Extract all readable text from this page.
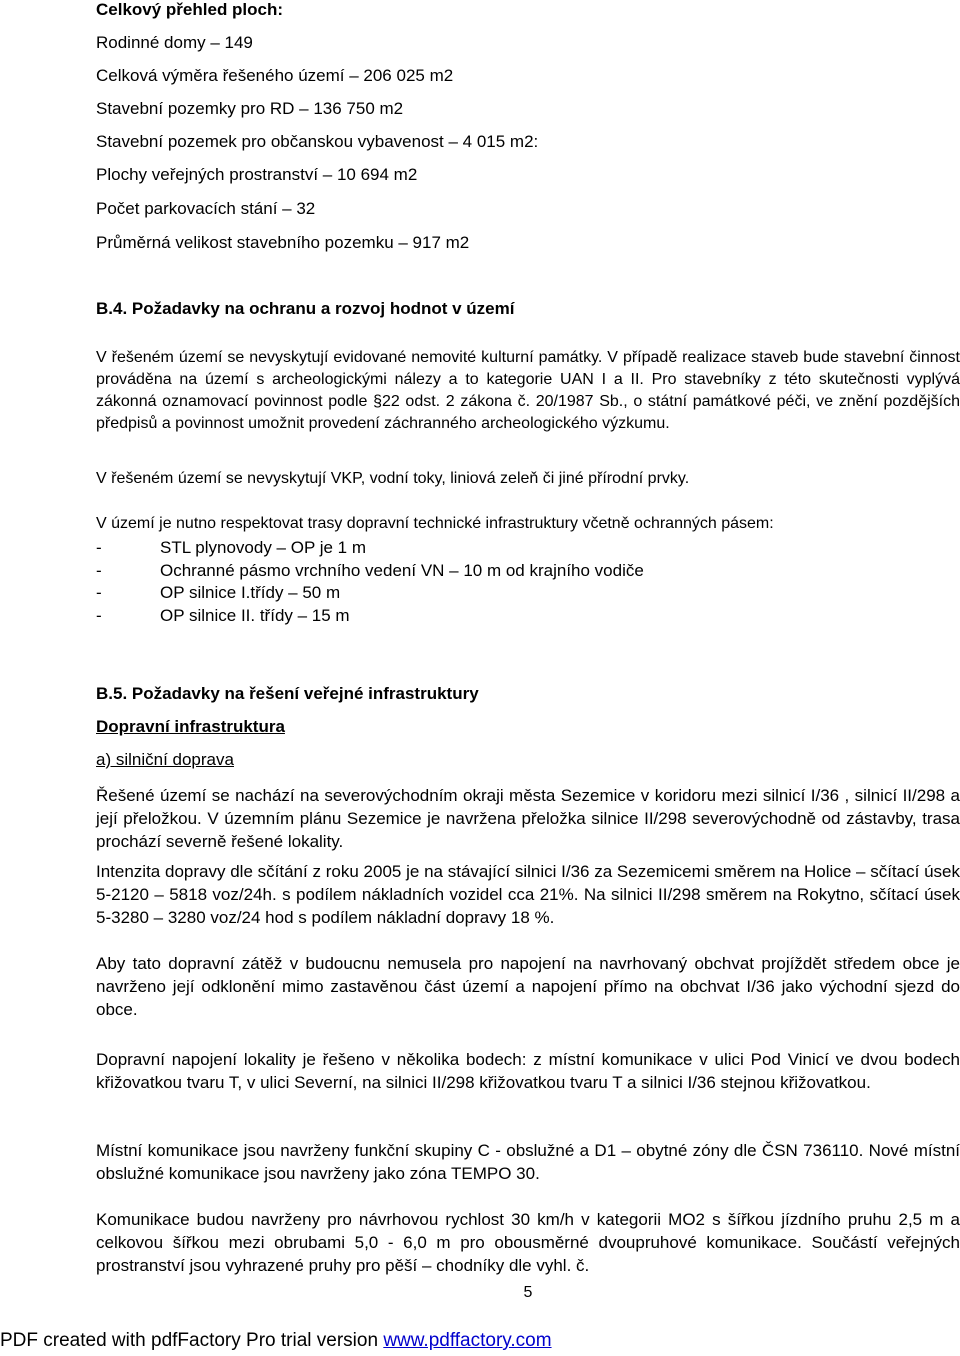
Celkový přehled ploch:
Rodinné domy – 149
Celková výměra řešeného území – 206 025 m2
Stavební pozemky pro RD – 136 750 m2
Stavební pozemek pro občanskou vybavenost – 4 015 m2:
Plochy veřejných prostranství – 10 694 m2
Počet parkovacích stání – 32
Průměrná velikost stavebního pozemku – 917 m2
B.4. Požadavky na ochranu a rozvoj hodnot v území

V řešeném území se nevyskytují evidované nemovité kulturní památky. V případě realizace staveb bude stavební činnost prováděna na území s archeologickými nálezy a to kategorie UAN I a II. Pro stavebníky z této skutečnosti vyplývá zákonná oznamovací povinnost podle §22 odst. 2 zákona č. 20/1987 Sb., o státní památkové péči, ve znění pozdějších předpisů a povinnost umožnit provedení záchranného archeologického výzkumu.

V řešeném území se nevyskytují VKP, vodní toky, liniová zeleň či jiné přírodní prvky.

V území je nutno respektovat trasy dopravní technické infrastruktury včetně ochranných pásem:

-	STL plynovody – OP je 1 m
-	Ochranné pásmo vrchního vedení VN – 10 m od krajního vodiče
-	OP silnice I.třídy – 50 m
-	OP silnice II. třídy – 15 m
B.5. Požadavky na řešení veřejné infrastruktury
Dopravní infrastruktura
a) silniční doprava

Řešené území se nachází na severovýchodním okraji města Sezemice v koridoru mezi silnicí I/36 , silnicí II/298 a její přeložkou. V územním plánu Sezemice je navržena přeložka silnice II/298 severovýchodně od zástavby, trasa prochází severně řešené lokality.

Intenzita dopravy dle sčítání z roku 2005 je na stávající silnici I/36 za Sezemicemi směrem na Holice – sčítací úsek 5-2120 – 5818 voz/24h. s podílem nákladních vozidel cca 21%. Na silnici II/298 směrem na Rokytno, sčítací úsek 5-3280 – 3280 voz/24 hod s podílem nákladní dopravy 18 %.

Aby tato dopravní zátěž v budoucnu nemusela pro napojení na navrhovaný obchvat projíždět středem obce je navrženo její odklonění mimo zastavěnou část území a napojení přímo na obchvat I/36 jako východní sjezd do obce.

Dopravní napojení lokality je řešeno v několika bodech: z místní komunikace v ulici Pod Vinicí ve dvou bodech křižovatkou tvaru T, v ulici Severní, na silnici II/298 křižovatkou tvaru T a silnici I/36 stejnou křižovatkou.

Místní komunikace jsou navrženy funkční skupiny C - obslužné a D1 – obytné zóny dle ČSN 736110. Nové místní obslužné komunikace jsou navrženy jako zóna TEMPO 30.

Komunikace budou navrženy pro návrhovou rychlost 30 km/h v kategorii MO2 s šířkou jízdního pruhu 2,5 m a celkovou šířkou mezi obrubami 5,0 - 6,0 m pro obousměrné dvoupruhové komunikace. Součástí veřejných prostranství jsou vyhrazené pruhy pro pěší – chodníky dle vyhl. č.

5
PDF created with pdfFactory Pro trial version www.pdffactory.com
